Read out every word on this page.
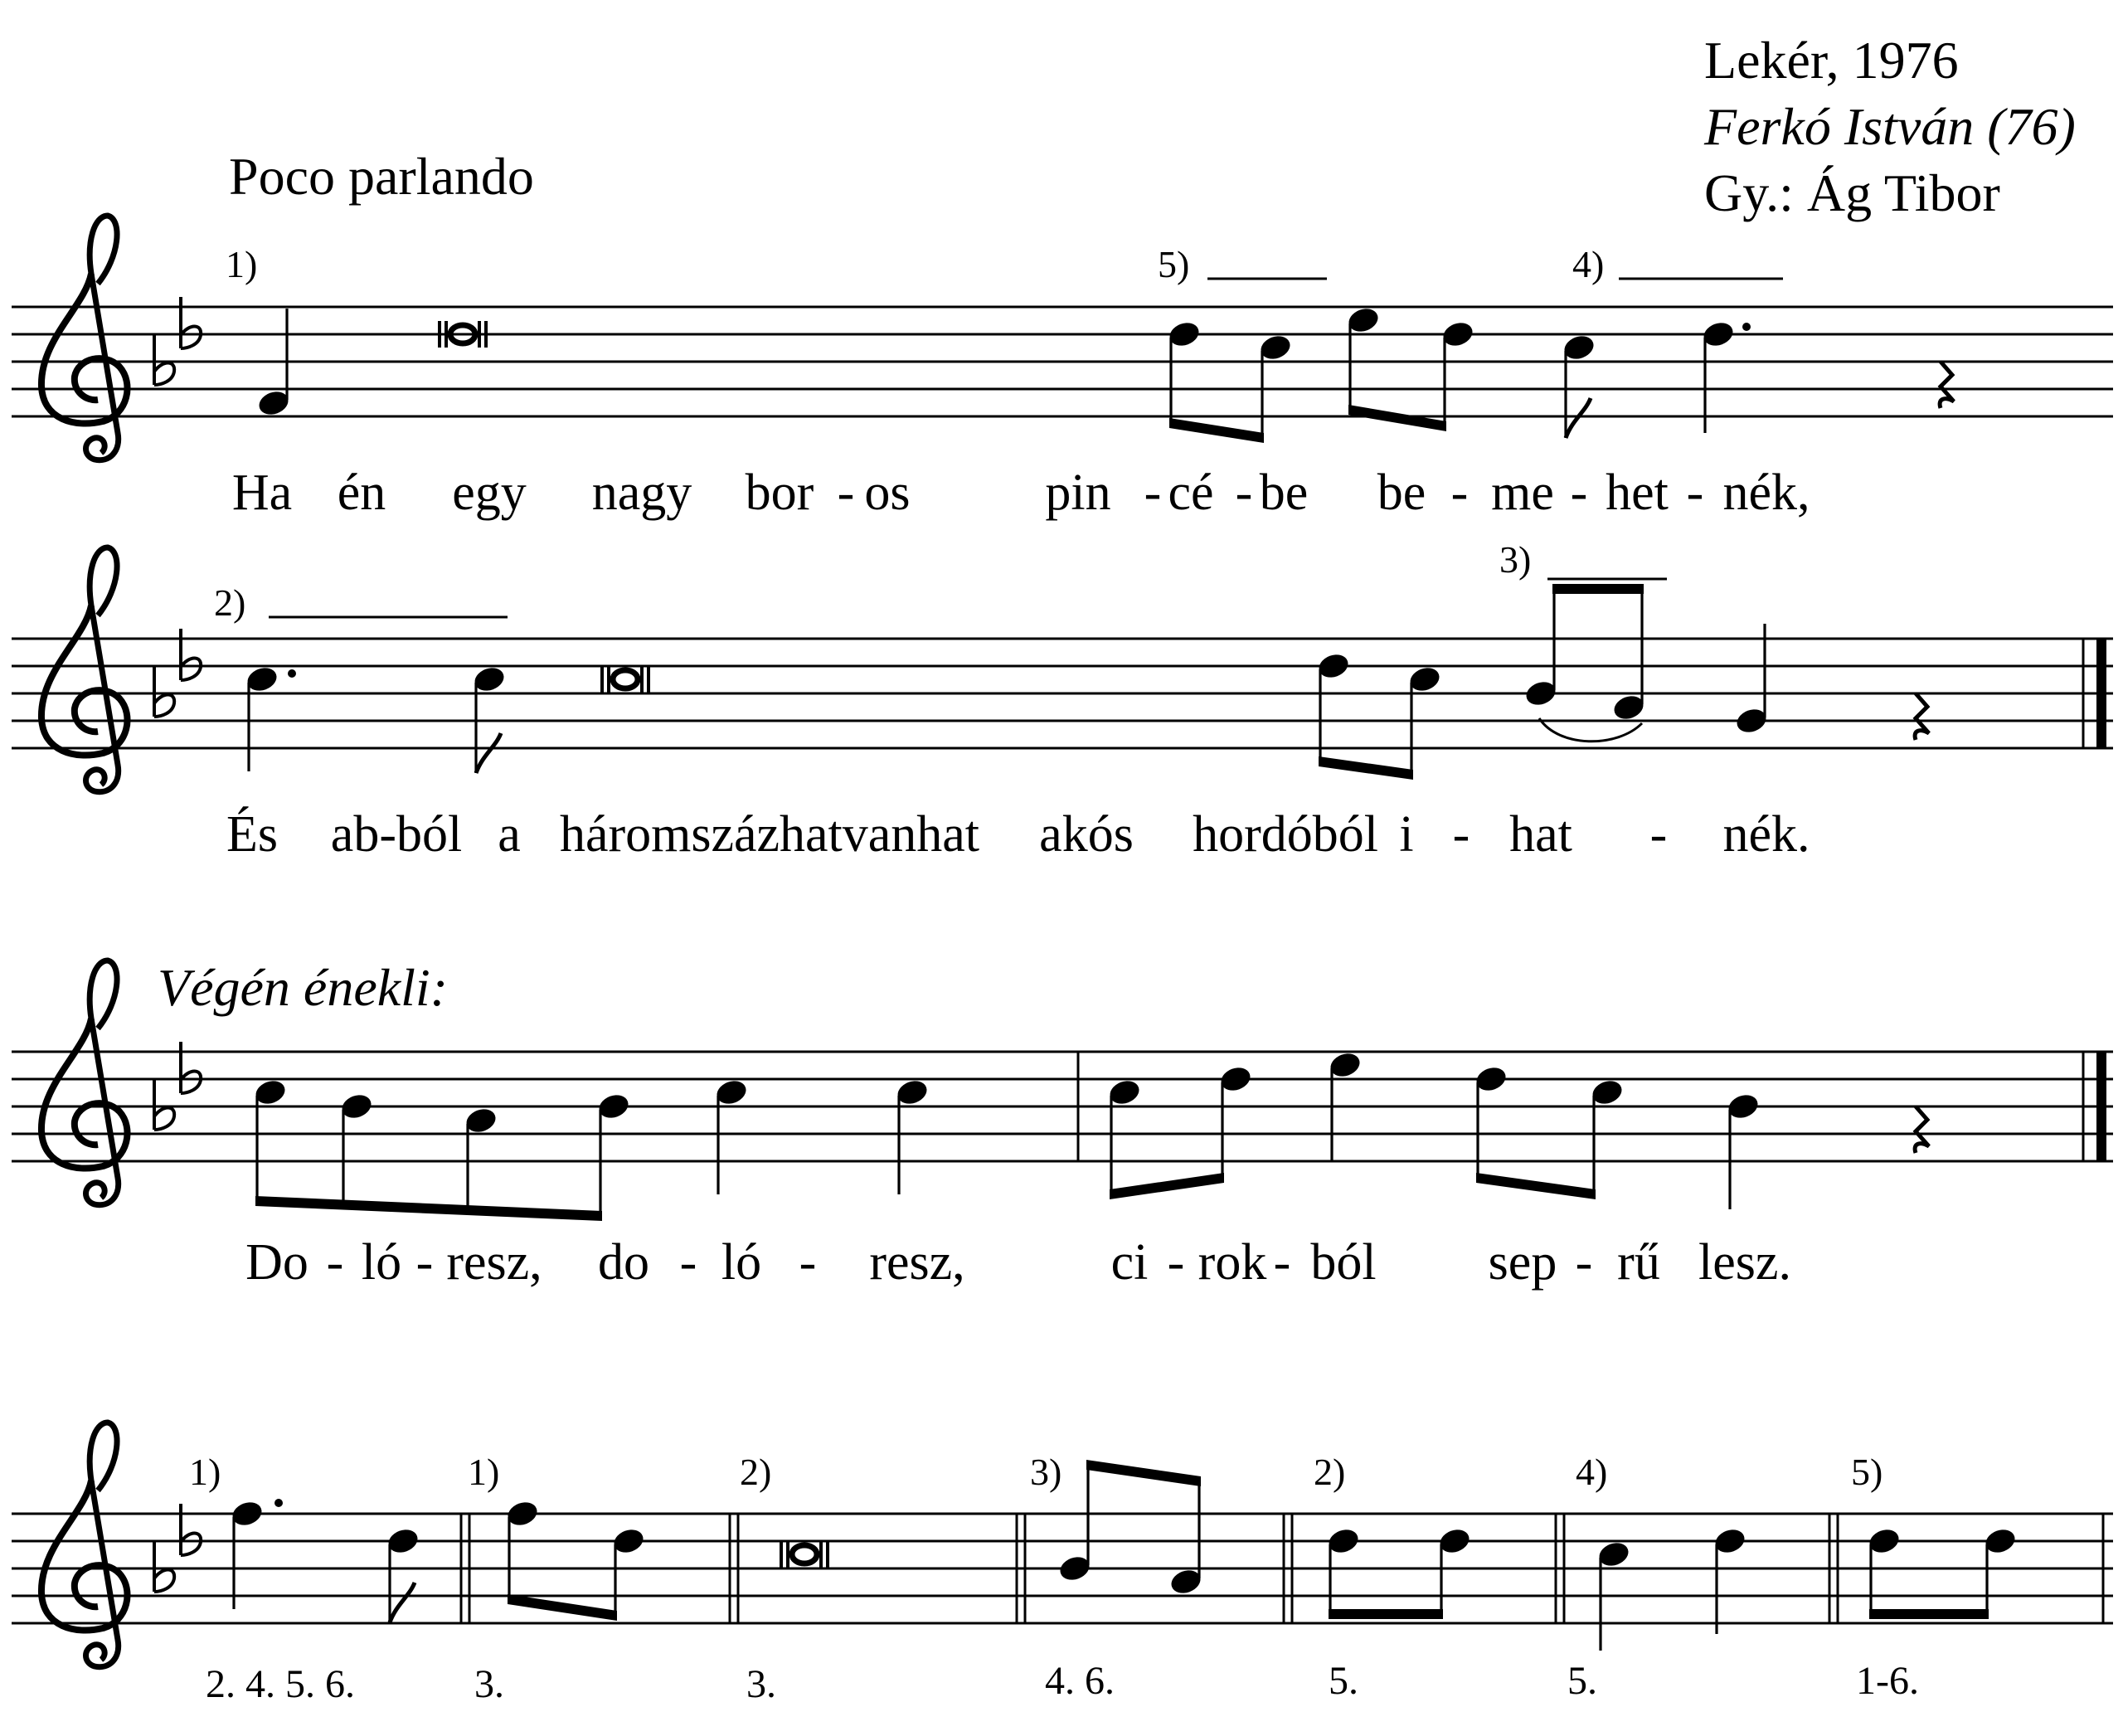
Lekér, 1976
Ferkó István (76)
Gy.: Ág Tibor
Poco parlando
1)	5)	4)
Ha én egy nagy bor - os	pin - cé - be be - me - het - nék,
2)
3)
És ab-ból a háromszázhatvanhat akós hordóból i - hat - nék.
Végén énekli:
Do - ló - resz, do - ló - resz,	ci - rok - ból sep - rű lesz.
1)	1)	2)	3)	2)	4)	5)
2. 4. 5. 6.	3.	3.	4. 6.	5.	5.	1-6.
